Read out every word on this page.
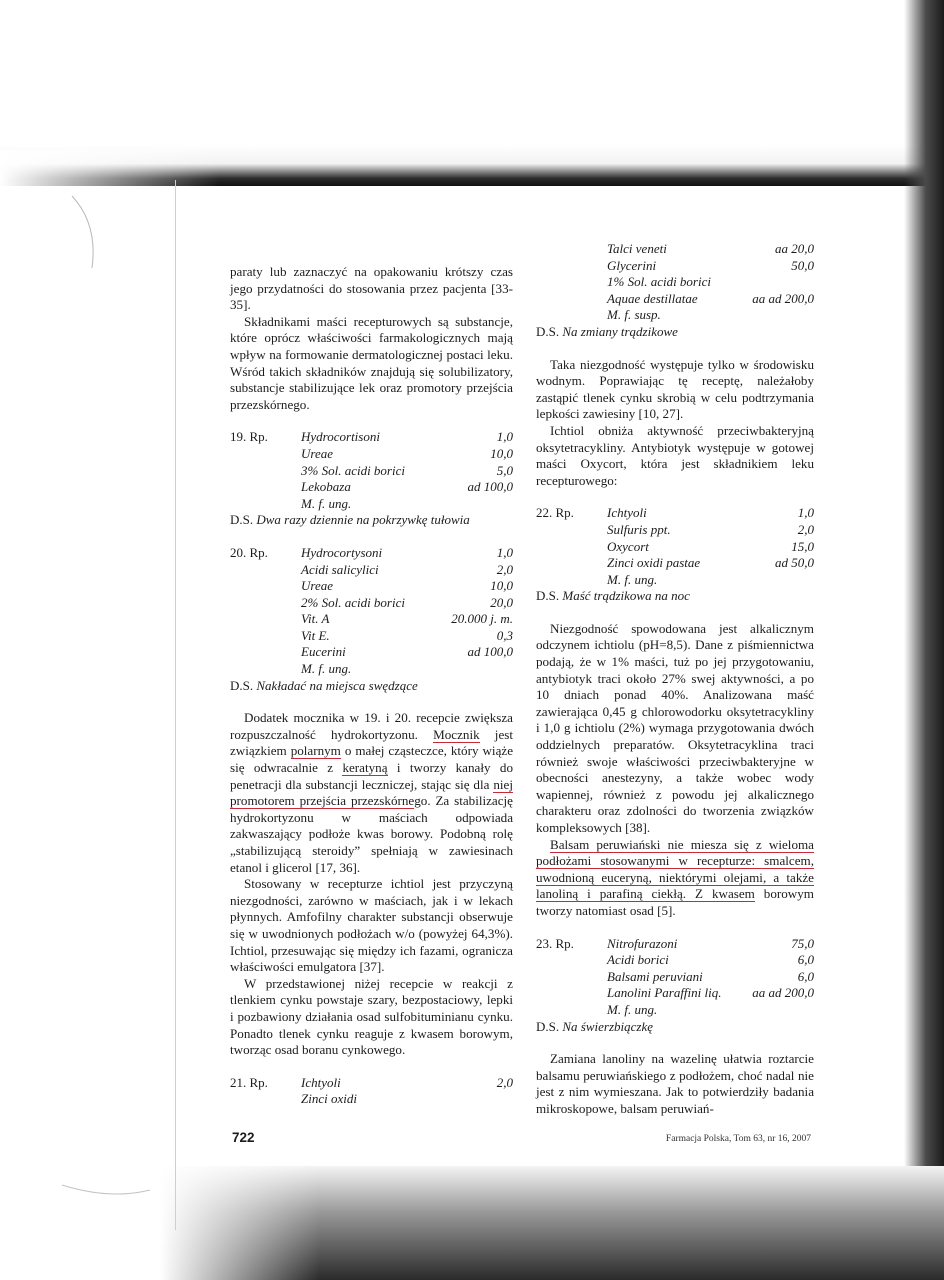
paraty lub zaznaczyć na opakowaniu krótszy czas jego przydatności do stosowania przez pacjenta [33-35].

Składnikami maści recepturowych są substancje, które oprócz właściwości farmakologicznych mają wpływ na formowanie dermatologicznej postaci leku. Wśród takich składników znajdują się solubilizatory, substancje stabilizujące lek oraz promotory przejścia przezskórnego.

19. Rp.	Hydrocortisoni	1,0
Ureae	10,0
3% Sol. acidi borici	5,0
Lekobaza	ad 100,0
M. f. ung.
D.S. Dwa razy dziennie na pokrzywkę tułowia
20. Rp.	Hydrocortysoni	1,0
Acidi salicylici	2,0
Ureae	10,0
2% Sol. acidi borici	20,0
Vit. A	20.000 j. m.
Vit E.	0,3
Eucerini	ad 100,0
M. f. ung.
D.S. Nakładać na miejsca swędzące

Dodatek mocznika w 19. i 20. recepcie zwiększa rozpuszczalność hydrokortyzonu. Mocznik jest związkiem polarnym o małej cząsteczce, który wiąże się odwracalnie z keratyną i tworzy kanały do penetracji dla substancji leczniczej, stając się dla niej promotorem przejścia przezskórnego. Za stabilizację hydrokortyzonu w maściach odpowiada zakwaszający podłoże kwas borowy. Podobną rolę „stabilizującą steroidy” spełniają w zawiesinach etanol i glicerol [17, 36].

Stosowany w recepturze ichtiol jest przyczyną niezgodności, zarówno w maściach, jak i w lekach płynnych. Amfofilny charakter substancji obserwuje się w uwodnionych podłożach w/o (powyżej 64,3%). Ichtiol, przesuwając się między ich fazami, ogranicza właściwości emulgatora [37].

W przedstawionej niżej recepcie w reakcji z tlenkiem cynku powstaje szary, bezpostaciowy, lepki i pozbawiony działania osad sulfobituminianu cynku. Ponadto tlenek cynku reaguje z kwasem borowym, tworząc osad boranu cynkowego.

21. Rp.	Ichtyoli	2,0
Zinci oxidi
Talci veneti	aa 20,0
Glycerini	50,0
1% Sol. acidi borici
Aquae destillatae	aa ad 200,0
M. f. susp.
D.S. Na zmiany trądzikowe

Taka niezgodność występuje tylko w środowisku wodnym. Poprawiając tę receptę, należałoby zastąpić tlenek cynku skrobią w celu podtrzymania lepkości zawiesiny [10, 27].

Ichtiol obniża aktywność przeciwbakteryjną oksytetracykliny. Antybiotyk występuje w gotowej maści Oxycort, która jest składnikiem leku recepturowego:

22. Rp.	Ichtyoli	1,0
Sulfuris ppt.	2,0
Oxycort	15,0
Zinci oxidi pastae	ad 50,0
M. f. ung.
D.S. Maść trądzikowa na noc

Niezgodność spowodowana jest alkalicznym odczynem ichtiolu (pH=8,5). Dane z piśmiennictwa podają, że w 1% maści, tuż po jej przygotowaniu, antybiotyk traci około 27% swej aktywności, a po 10 dniach ponad 40%. Analizowana maść zawierająca 0,45 g chlorowodorku oksytetracykliny i 1,0 g ichtiolu (2%) wymaga przygotowania dwóch oddzielnych preparatów. Oksytetracyklina traci również swoje właściwości przeciwbakteryjne w obecności anestezyny, a także wobec wody wapiennej, również z powodu jej alkalicznego charakteru oraz zdolności do tworzenia związków kompleksowych [38].

Balsam peruwiański nie miesza się z wieloma podłożami stosowanymi w recepturze: smalcem, uwodnioną euceryną, niektórymi olejami, a także lanoliną i parafiną ciekłą. Z kwasem borowym tworzy natomiast osad [5].

23. Rp.	Nitrofurazoni	75,0
Acidi borici	6,0
Balsami peruviani	6,0
Lanolini Paraffini liq.	aa ad 200,0
M. f. ung.
D.S. Na świerzbiączkę

Zamiana lanoliny na wazelinę ułatwia roztarcie balsamu peruwiańskiego z podłożem, choć nadal nie jest z nim wymieszana. Jak to potwierdziły badania mikroskopowe, balsam peruwiań-

722	Farmacja Polska, Tom 63, nr 16, 2007
